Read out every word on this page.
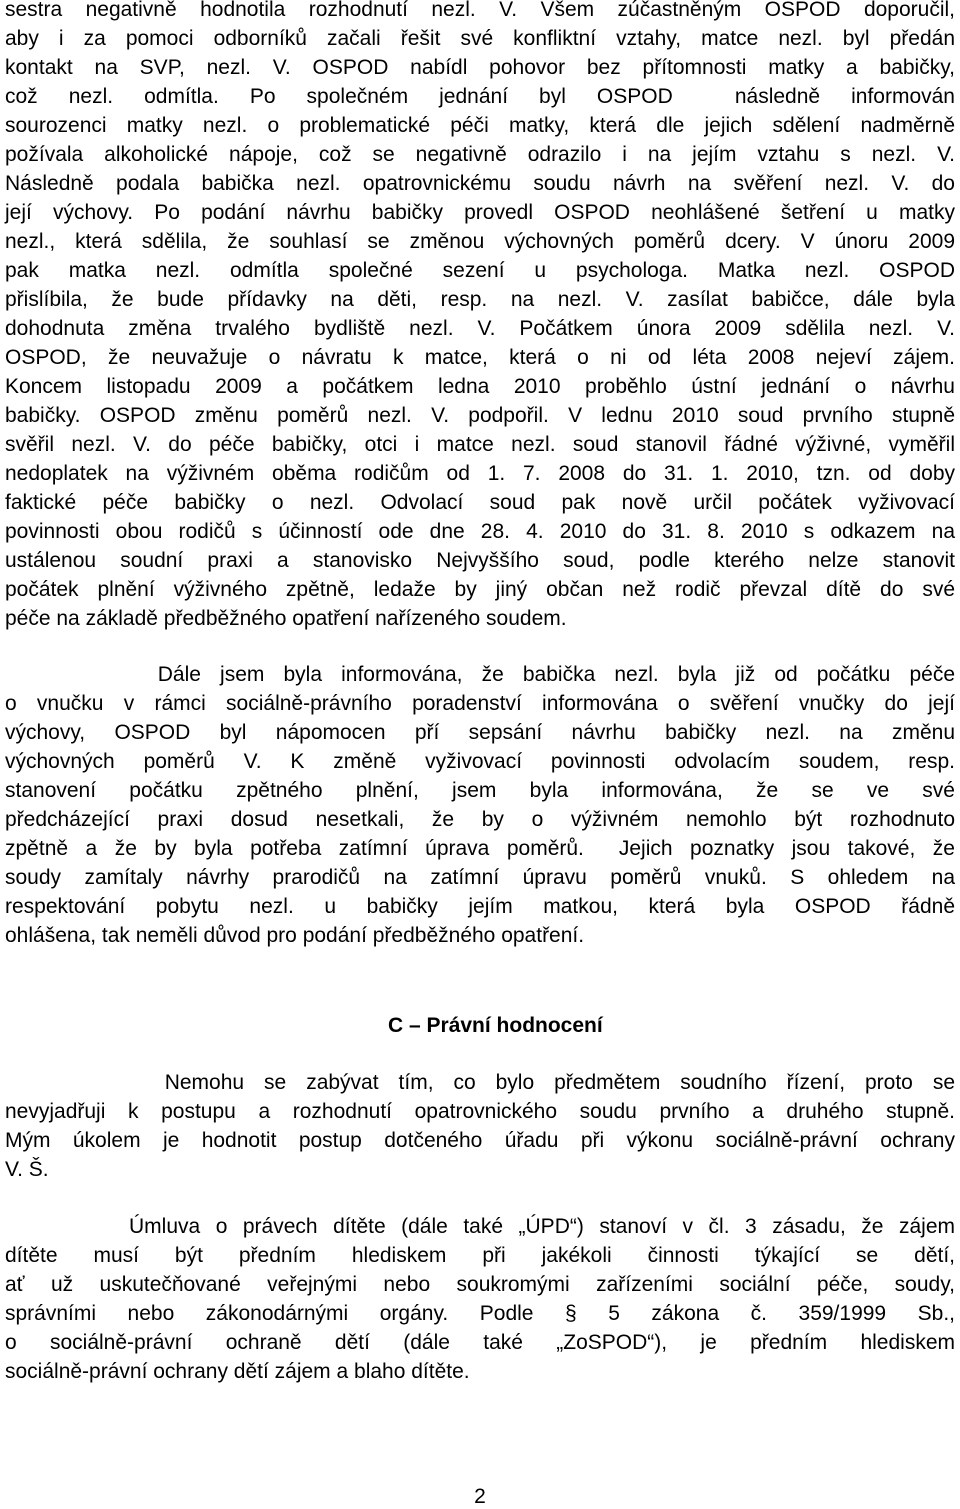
sestra negativně hodnotila rozhodnutí nezl. V. Všem zúčastněným OSPOD doporučil,
aby i za pomoci odborníků začali řešit své konfliktní vztahy, matce nezl. byl předán
kontakt na SVP, nezl. V. OSPOD nabídl pohovor bez přítomnosti matky a babičky,
což nezl. odmítla. Po společném jednání byl OSPOD  následně informován
sourozenci matky nezl. o problematické péči matky, která dle jejich sdělení nadměrně
požívala alkoholické nápoje, což se negativně odrazilo i na jejím vztahu s nezl. V.
Následně podala babička nezl. opatrovnickému soudu návrh na svěření nezl. V. do
její výchovy. Po podání návrhu babičky provedl OSPOD neohlášené šetření u matky
nezl., která sdělila, že souhlasí se změnou výchovných poměrů dcery. V únoru 2009
pak matka nezl. odmítla společné sezení u psychologa. Matka nezl. OSPOD
přislíbila, že bude přídavky na děti, resp. na nezl. V. zasílat babičce, dále byla
dohodnuta změna trvalého bydliště nezl. V. Počátkem února 2009 sdělila nezl. V.
OSPOD, že neuvažuje o návratu k matce, která o ni od léta 2008 nejeví zájem.
Koncem listopadu 2009 a počátkem ledna 2010 proběhlo ústní jednání o návrhu
babičky. OSPOD změnu poměrů nezl. V. podpořil. V lednu 2010 soud prvního stupně
svěřil nezl. V. do péče babičky, otci i matce nezl. soud stanovil řádné výživné, vyměřil
nedoplatek na výživném oběma rodičům od 1. 7. 2008 do 31. 1. 2010, tzn. od doby
faktické péče babičky o nezl. Odvolací soud pak nově určil počátek vyživovací
povinnosti obou rodičů s účinností ode dne 28. 4. 2010 do 31. 8. 2010 s odkazem na
ustálenou soudní praxi a stanovisko Nejvyššího soud, podle kterého nelze stanovit
počátek plnění výživného zpětně, ledaže by jiný občan než rodič převzal dítě do své
péče na základě předběžného opatření nařízeného soudem.
Dále jsem byla informována, že babička nezl. byla již od počátku péče
o vnučku v rámci sociálně-právního poradenství informována o svěření vnučky do její
výchovy, OSPOD byl nápomocen pří sepsání návrhu babičky nezl. na změnu
výchovných poměrů V. K změně vyživovací povinnosti odvolacím soudem, resp.
stanovení počátku zpětného plnění, jsem byla informována, že se ve své
předcházející praxi dosud nesetkali, že by o výživném nemohlo být rozhodnuto
zpětně a že by byla potřeba zatímní úprava poměrů.  Jejich poznatky jsou takové, že
soudy zamítaly návrhy prarodičů na zatímní úpravu poměrů vnuků. S ohledem na
respektování pobytu nezl. u babičky jejím matkou, která byla OSPOD řádně
ohlášena, tak neměli důvod pro podání předběžného opatření.
C – Právní hodnocení
Nemohu se zabývat tím, co bylo předmětem soudního řízení, proto se
nevyjadřuji k postupu a rozhodnutí opatrovnického soudu prvního a druhého stupně.
Mým úkolem je hodnotit postup dotčeného úřadu při výkonu sociálně-právní ochrany
V. Š.
Úmluva o právech dítěte (dále také „ÚPD“) stanoví v čl. 3 zásadu, že zájem
dítěte musí být předním hlediskem při jakékoli činnosti týkající se dětí,
ať už uskutečňované veřejnými nebo soukromými zařízeními sociální péče, soudy,
správními nebo zákonodárnými orgány. Podle § 5 zákona č. 359/1999 Sb.,
o sociálně-právní ochraně dětí (dále také „ZoSPOD“), je předním hlediskem
sociálně-právní ochrany dětí zájem a blaho dítěte.
2
